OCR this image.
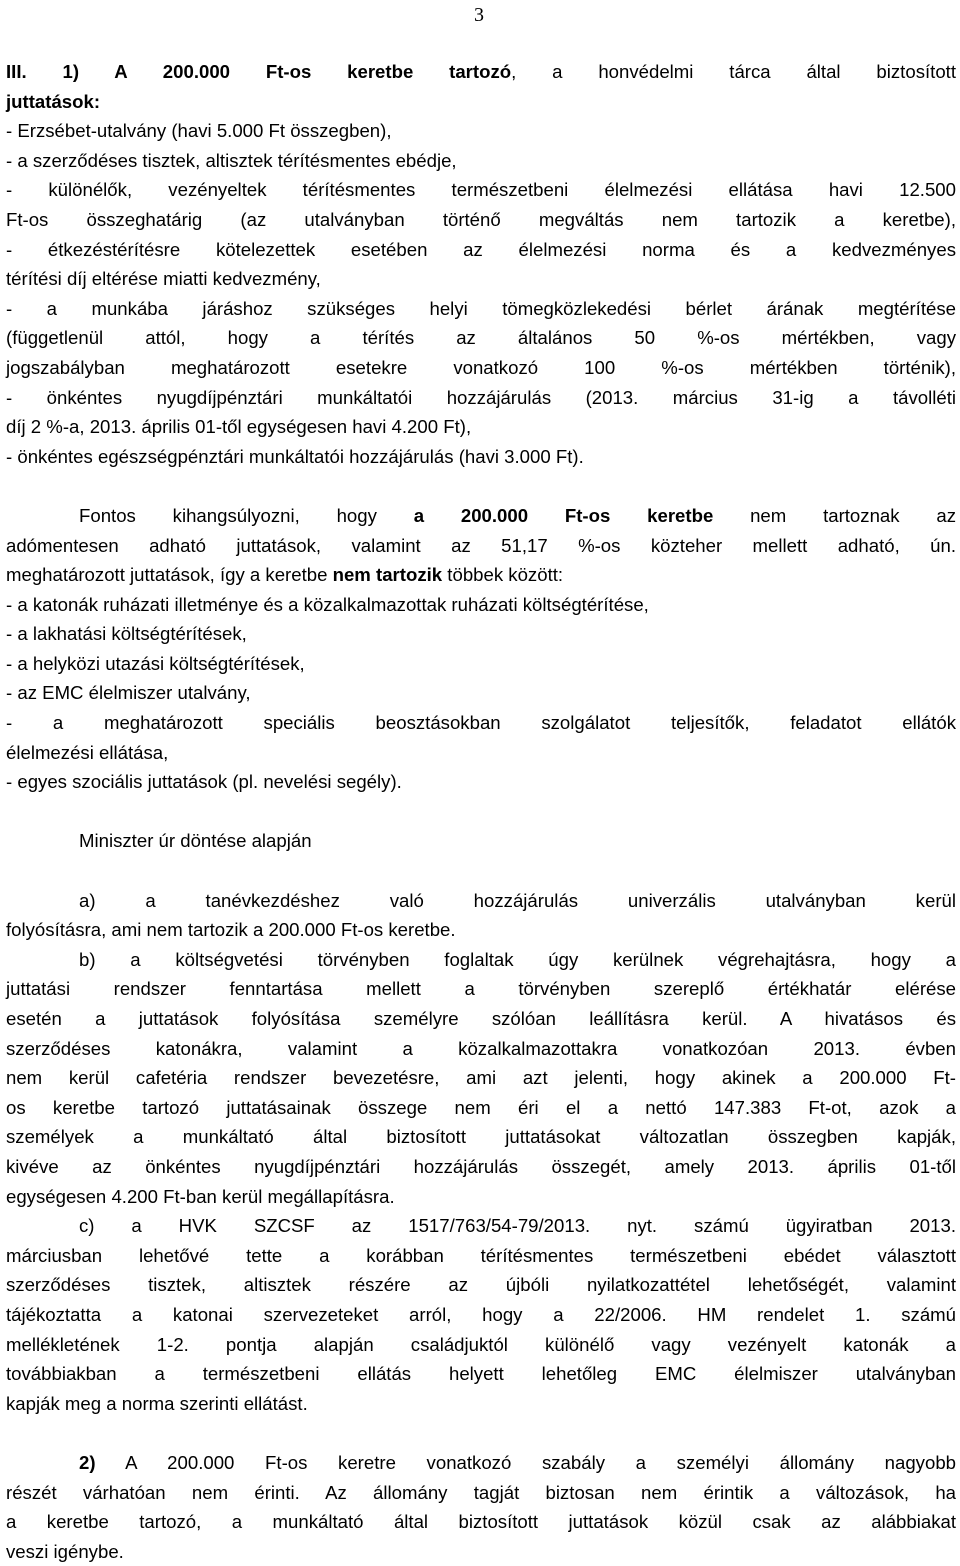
3
III. 1) A 200.000 Ft-os keretbe tartozó, a honvédelmi tárca által biztosított
juttatások:
- Erzsébet-utalvány (havi 5.000 Ft összegben),
- a szerződéses tisztek, altisztek térítésmentes ebédje,
- különélők, vezényeltek térítésmentes természetbeni élelmezési ellátása havi 12.500
Ft-os összeghatárig (az utalványban történő megváltás nem tartozik a keretbe),
- étkezéstérítésre kötelezettek esetében az élelmezési norma és a kedvezményes
térítési díj eltérése miatti kedvezmény,
- a munkába járáshoz szükséges helyi tömegközlekedési bérlet árának megtérítése
(függetlenül attól, hogy a térítés az általános 50 %-os mértékben, vagy
jogszabályban meghatározott esetekre vonatkozó 100 %-os mértékben történik),
- önkéntes nyugdíjpénztári munkáltatói hozzájárulás (2013. március 31-ig a távolléti
díj 2 %-a, 2013. április 01-től egységesen havi 4.200 Ft),
- önkéntes egészségpénztári munkáltatói hozzájárulás (havi 3.000 Ft).
Fontos kihangsúlyozni, hogy a 200.000 Ft-os keretbe nem tartoznak az
adómentesen adható juttatások, valamint az 51,17 %-os közteher mellett adható, ún.
meghatározott juttatások, így a keretbe nem tartozik többek között:
- a katonák ruházati illetménye és a közalkalmazottak ruházati költségtérítése,
- a lakhatási költségtérítések,
- a helyközi utazási költségtérítések,
- az EMC élelmiszer utalvány,
- a meghatározott speciális beosztásokban szolgálatot teljesítők, feladatot ellátók
élelmezési ellátása,
- egyes szociális juttatások (pl. nevelési segély).
Miniszter úr döntése alapján
a) a tanévkezdéshez való hozzájárulás univerzális utalványban kerül
folyósításra, ami nem tartozik a 200.000 Ft-os keretbe.
b) a költségvetési törvényben foglaltak úgy kerülnek végrehajtásra, hogy a
juttatási rendszer fenntartása mellett a törvényben szereplő értékhatár elérése
esetén a juttatások folyósítása személyre szólóan leállításra kerül. A hivatásos és
szerződéses katonákra, valamint a közalkalmazottakra vonatkozóan 2013. évben
nem kerül cafetéria rendszer bevezetésre, ami azt jelenti, hogy akinek a 200.000 Ft-
os keretbe tartozó juttatásainak összege nem éri el a nettó 147.383 Ft-ot, azok a
személyek a munkáltató által biztosított juttatásokat változatlan összegben kapják,
kivéve az önkéntes nyugdíjpénztári hozzájárulás összegét, amely 2013. április 01-től
egységesen 4.200 Ft-ban kerül megállapításra.
c) a HVK SZCSF az 1517/763/54-79/2013. nyt. számú ügyiratban 2013.
márciusban lehetővé tette a korábban térítésmentes természetbeni ebédet választott
szerződéses tisztek, altisztek részére az újbóli nyilatkozattétel lehetőségét, valamint
tájékoztatta a katonai szervezeteket arról, hogy a 22/2006. HM rendelet 1. számú
mellékletének 1-2. pontja alapján családjuktól különélő vagy vezényelt katonák a
továbbiakban a természetbeni ellátás helyett lehetőleg EMC élelmiszer utalványban
kapják meg a norma szerinti ellátást.
2) A 200.000 Ft-os keretre vonatkozó szabály a személyi állomány nagyobb
részét várhatóan nem érinti. Az állomány tagját biztosan nem érintik a változások, ha
a keretbe tartozó, a munkáltató által biztosított juttatások közül csak az alábbiakat
veszi igénybe.
